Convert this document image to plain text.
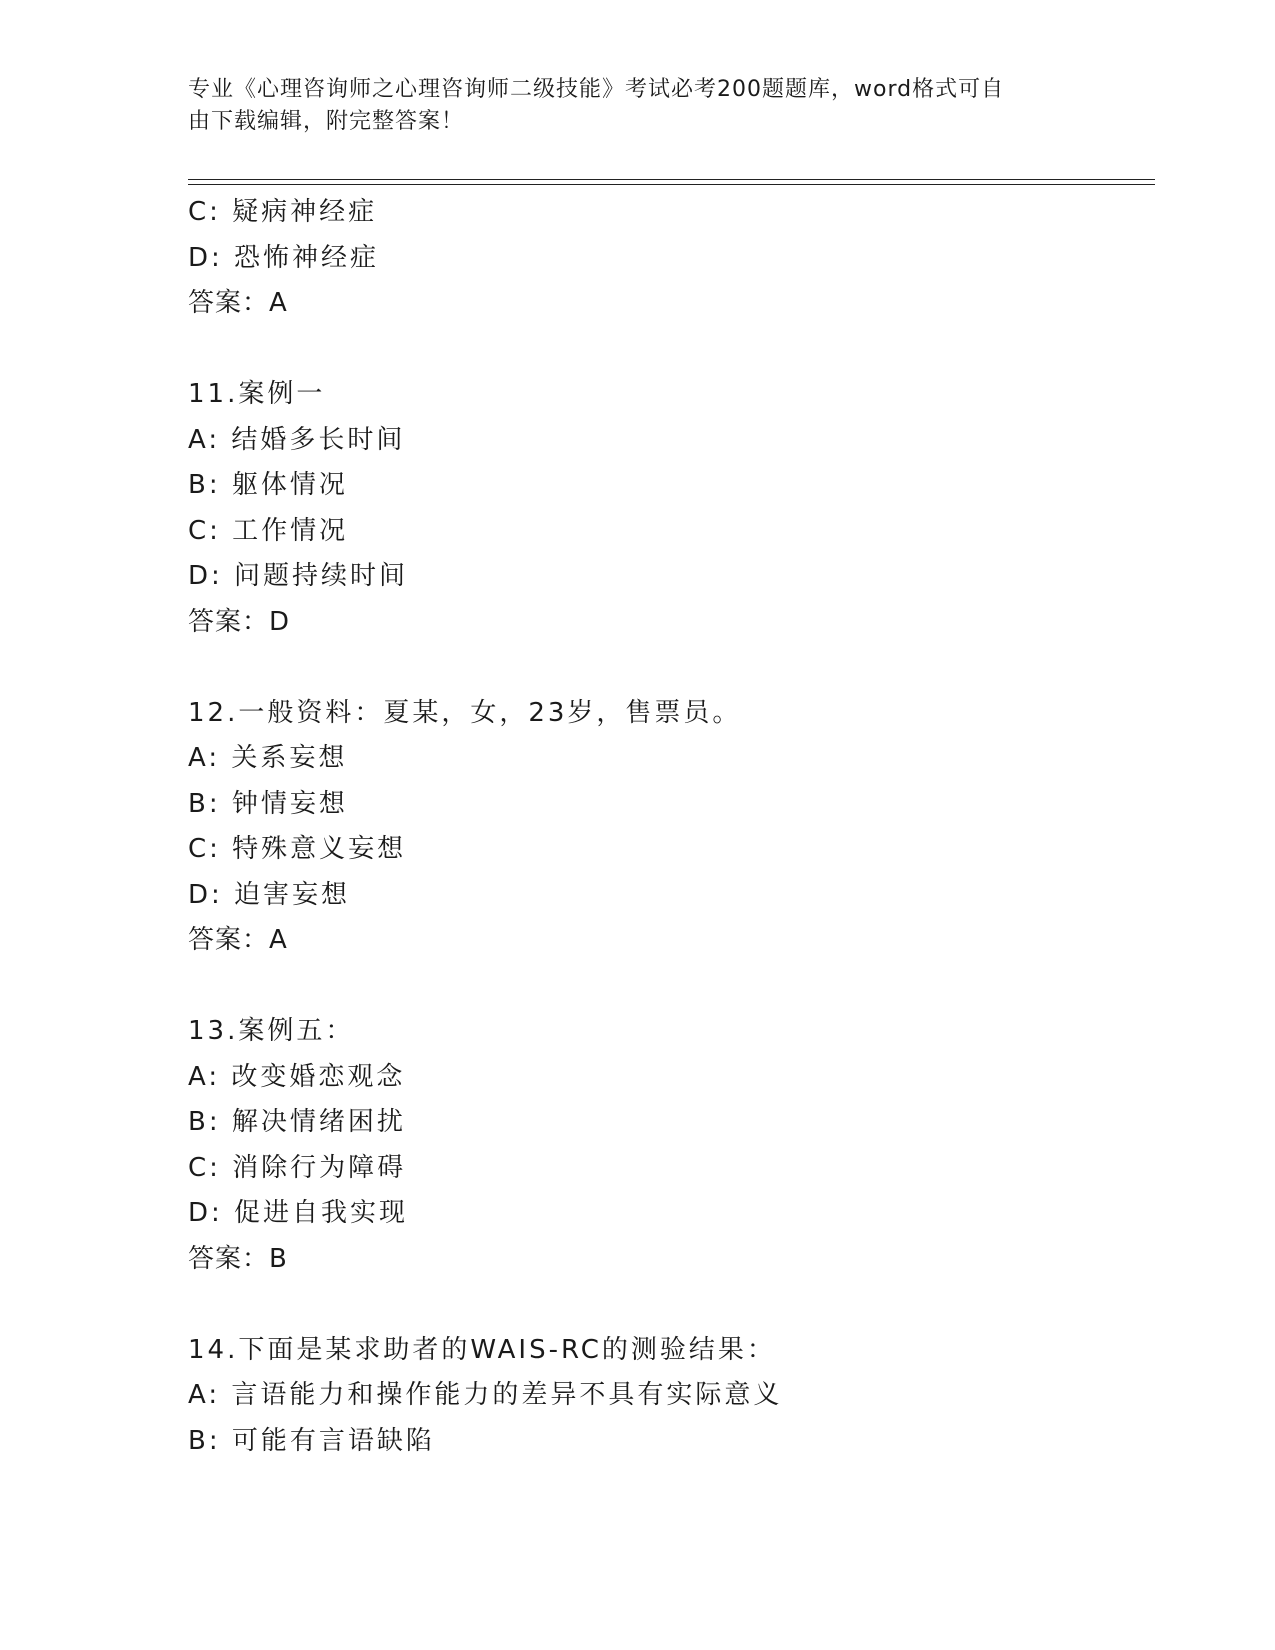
专业《心理咨询师之心理咨询师二级技能》考试必考200题题库，word格式可自
由下载编辑，附完整答案！
C: 疑病神经症
D: 恐怖神经症
答案：A
11.案例一
A: 结婚多长时间
B: 躯体情况
C: 工作情况
D: 问题持续时间
答案：D
12.一般资料：夏某，女，23岁，售票员。
A: 关系妄想
B: 钟情妄想
C: 特殊意义妄想
D: 迫害妄想
答案：A
13.案例五：
A: 改变婚恋观念
B: 解决情绪困扰
C: 消除行为障碍
D: 促进自我实现
答案：B
14.下面是某求助者的WAIS-RC的测验结果：
A: 言语能力和操作能力的差异不具有实际意义
B: 可能有言语缺陷
